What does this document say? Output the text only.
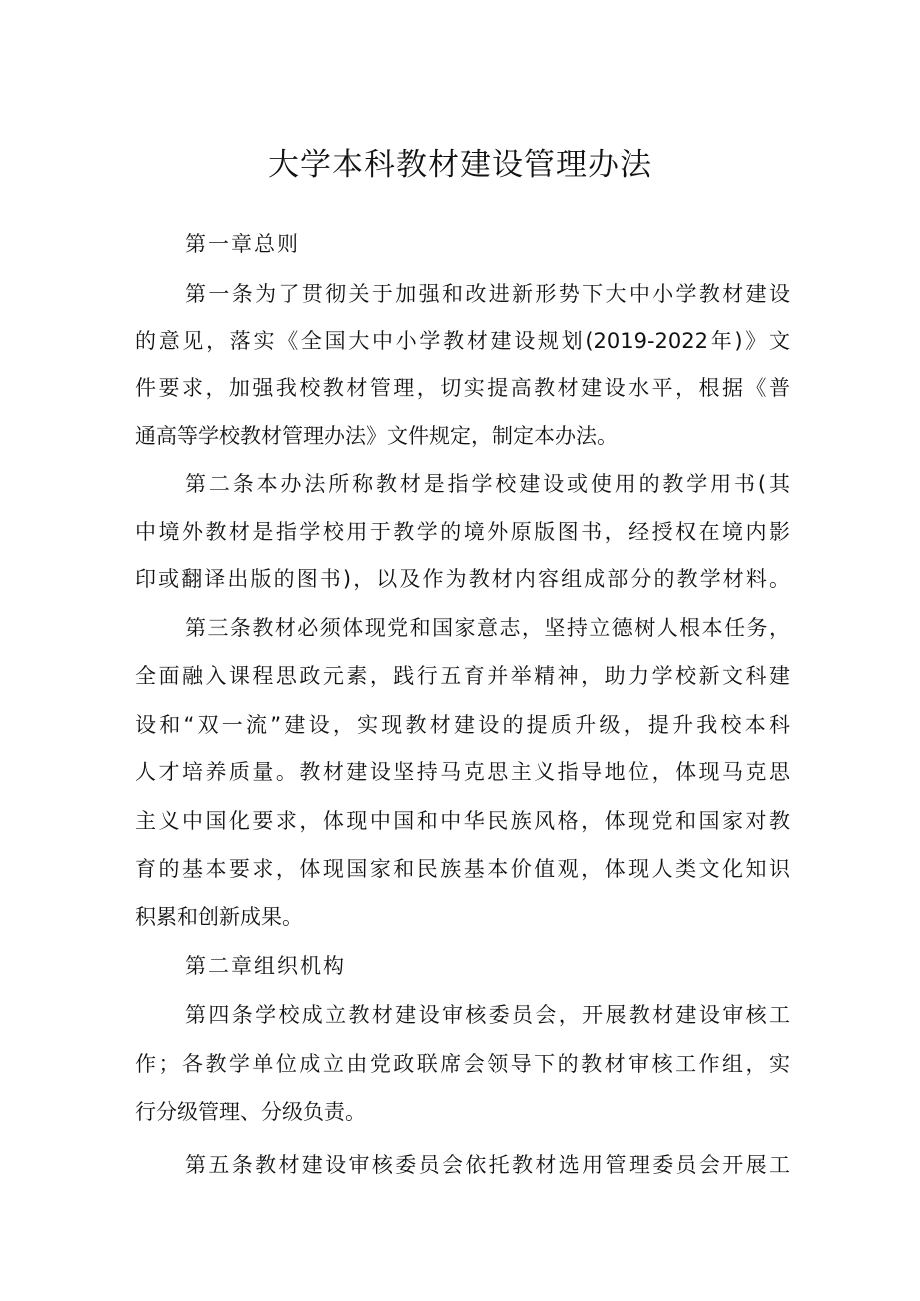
大学本科教材建设管理办法

第一章总则

第一条为了贯彻关于加强和改进新形势下大中小学教材建设

的意见，落实《全国大中小学教材建设规划(2019-2022年)》文

件要求，加强我校教材管理，切实提高教材建设水平，根据《普

通高等学校教材管理办法》文件规定，制定本办法。

第二条本办法所称教材是指学校建设或使用的教学用书(其

中境外教材是指学校用于教学的境外原版图书，经授权在境内影

印或翻译出版的图书)，以及作为教材内容组成部分的教学材料。

第三条教材必须体现党和国家意志，坚持立德树人根本任务，

全面融入课程思政元素，践行五育并举精神，助力学校新文科建

设和“双一流”建设，实现教材建设的提质升级，提升我校本科

人才培养质量。教材建设坚持马克思主义指导地位，体现马克思

主义中国化要求，体现中国和中华民族风格，体现党和国家对教

育的基本要求，体现国家和民族基本价值观，体现人类文化知识

积累和创新成果。

第二章组织机构

第四条学校成立教材建设审核委员会，开展教材建设审核工

作；各教学单位成立由党政联席会领导下的教材审核工作组，实

行分级管理、分级负责。

第五条教材建设审核委员会依托教材选用管理委员会开展工
